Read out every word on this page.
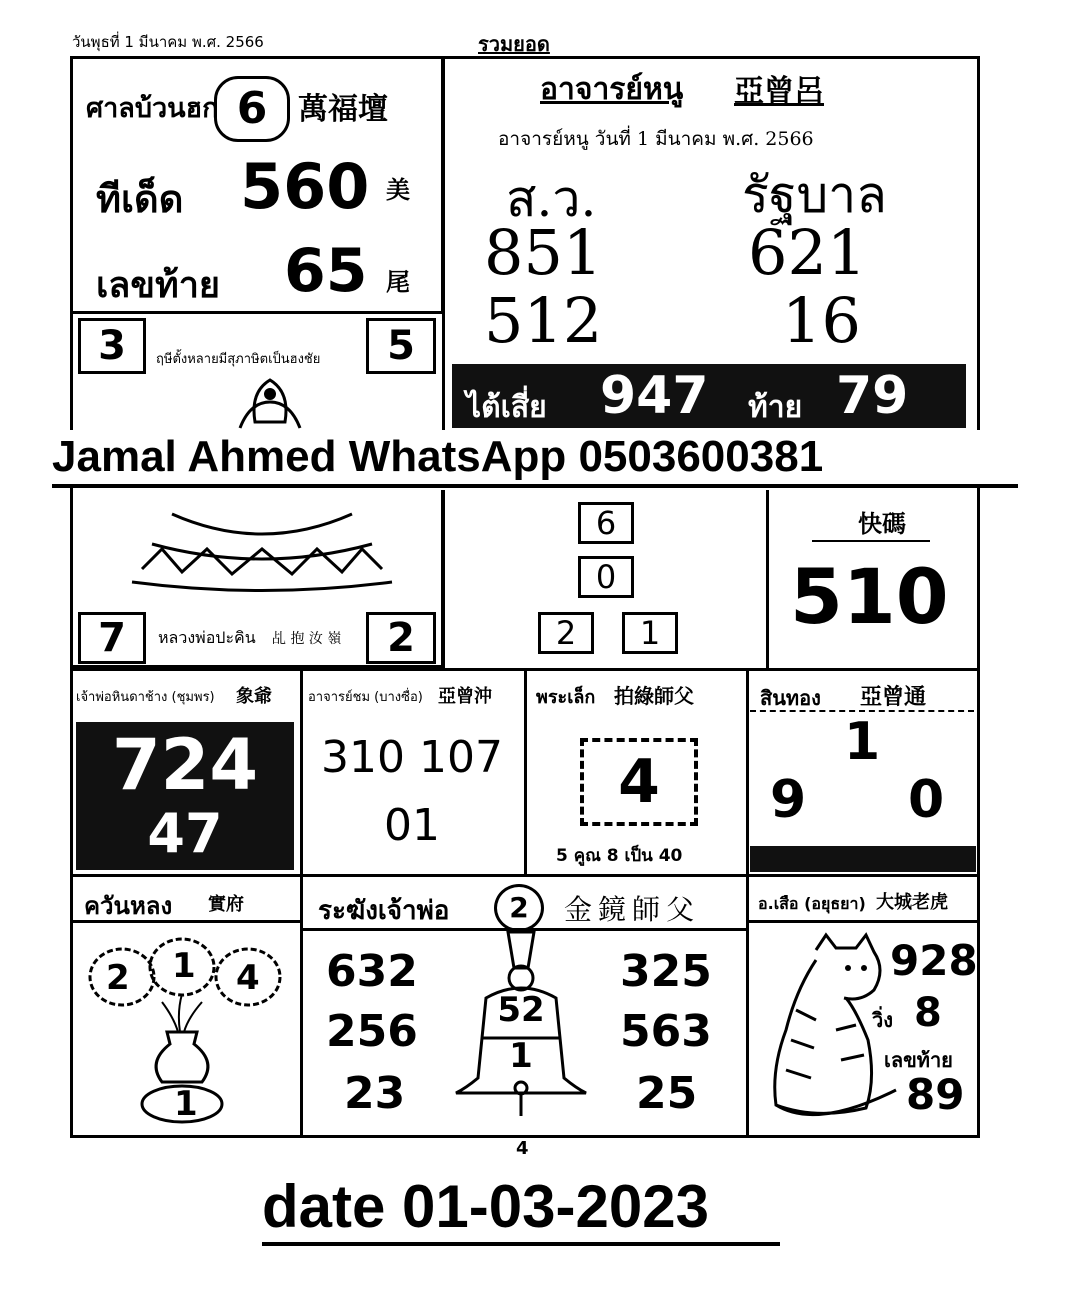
วันพุธที่ 1 มีนาคม พ.ศ. 2566	รวมยอด
ศาลบ้วนฮก 6	萬福壇
ทีเด็ด 560 美
เลขท้าย 65 尾
อาจารย์หนู 亞曾呂
อาจารย์หนู วันที่ 1 มีนาคม พ.ศ. 2566
ส.ว.
851
512
รัฐบาล
621
16
ไต้เสี่ย 947 ท้าย 79
3	5
ฤษีตั้งหลายมีสุภาษิตเป็นฮงชัย
7	2
หลวงพ่อปะคิน 乩 抱 汝 嶺
Jamal Ahmed WhatsApp 0503600381
6
0
2	1
快碼
510
เจ้าพ่อหินดาช้าง (ชุมพร) 象爺
724
47
อาจารย์ชม (บางซื่อ) 亞曾沖
310 107
01
พระเล็ก 拍綠師父
4
5 คูณ 8 เป็น 40
สินทอง 亞曾通
1
9 0
ควันหลง 實府
2 1 4
1
ระฆังเจ้าพ่อ	2	金鏡師父
632
256
23
325
563
25
52
1
อ.เสือ (อยุธยา) 大城老虎
928
วิ่ง 8
เลขท้าย
89
4
date 01-03-2023
